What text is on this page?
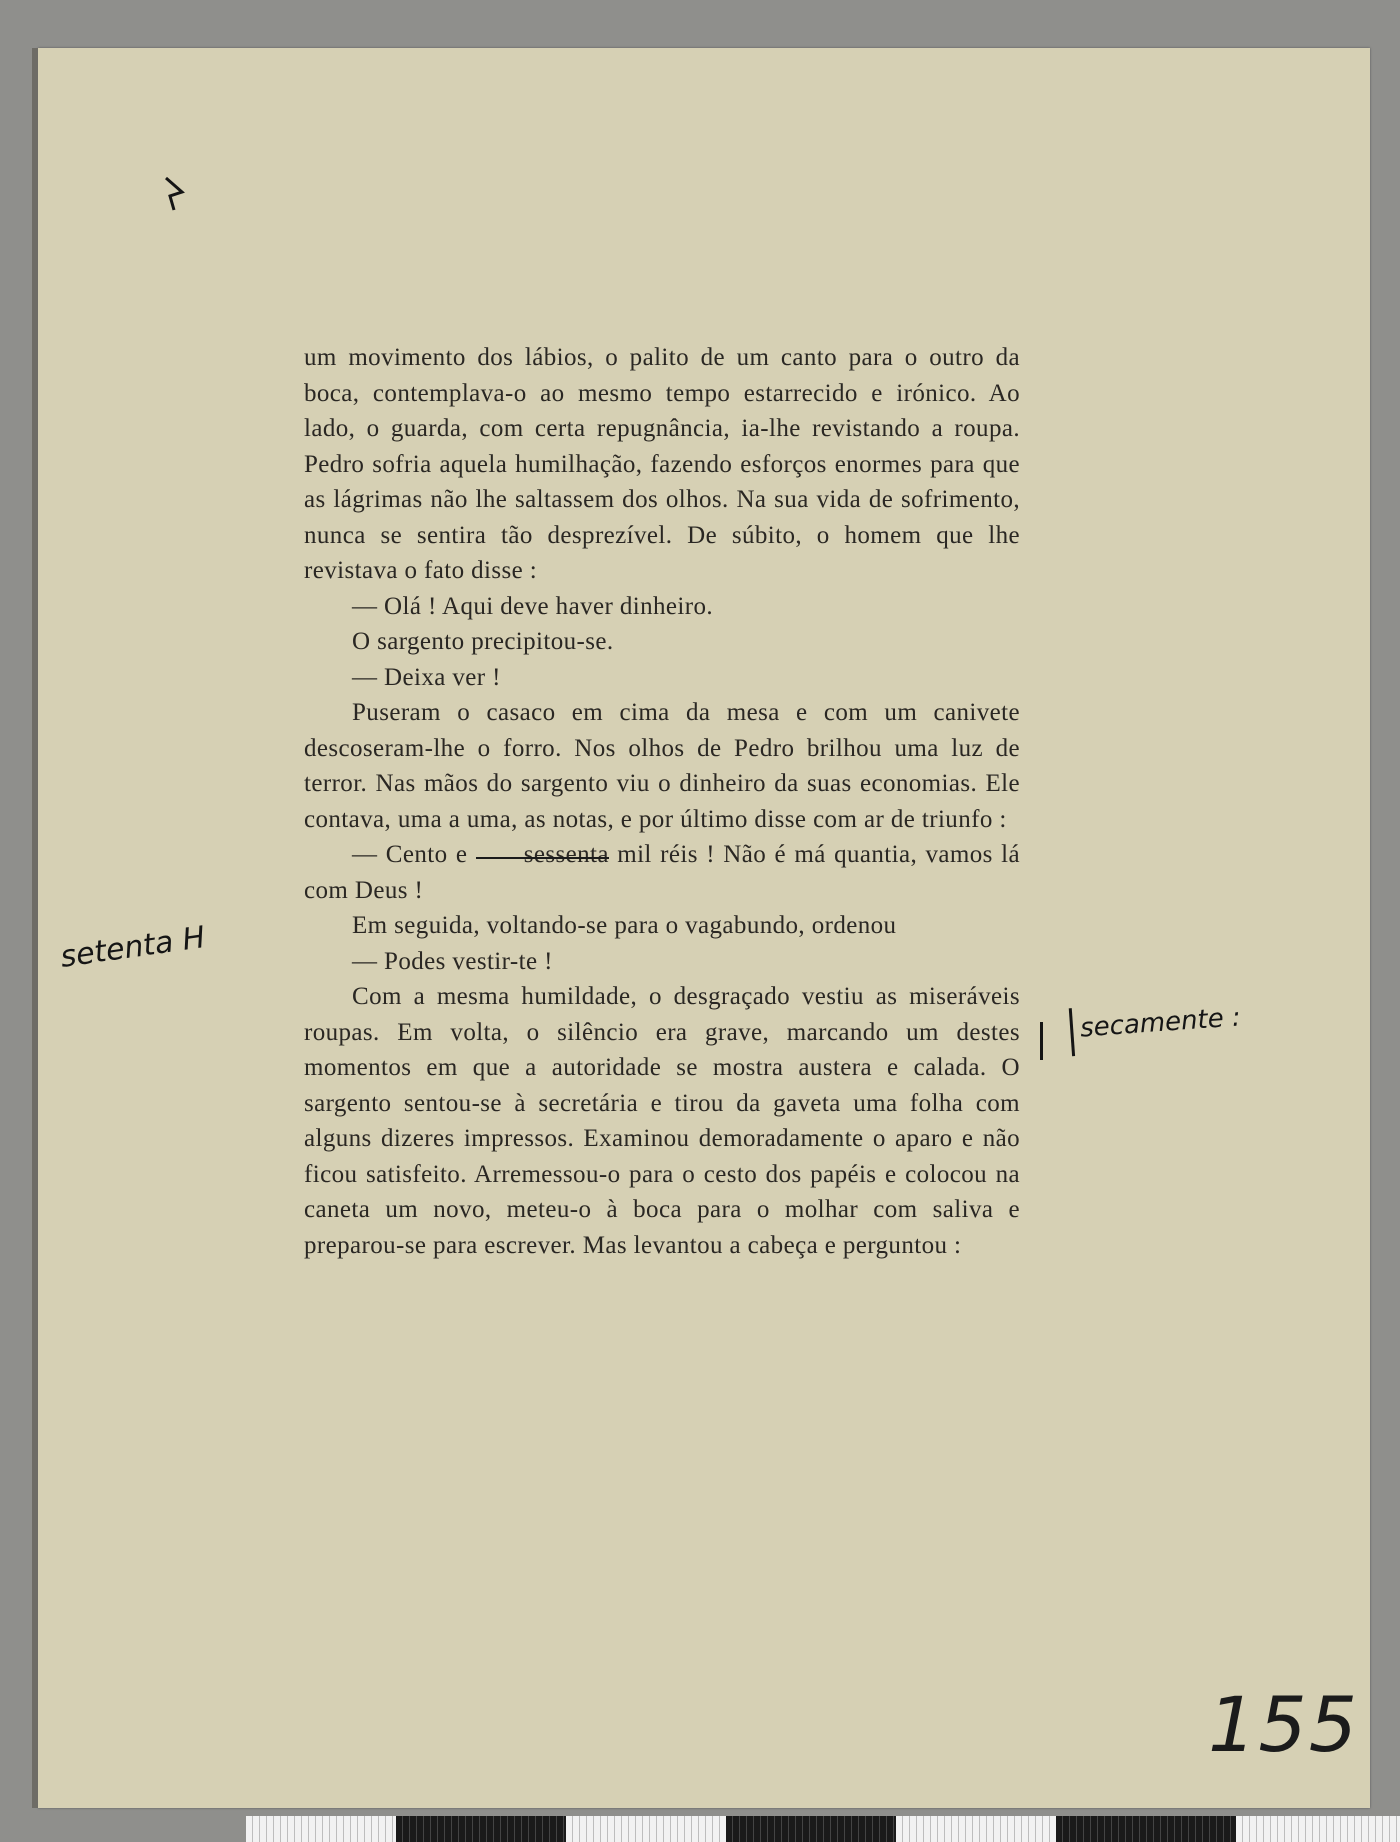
um movimento dos lábios, o palito de um canto para o outro da boca, contemplava-o ao mesmo tempo estarrecido e irónico. Ao lado, o guarda, com certa repugnância, ia-lhe revistando a roupa. Pedro sofria aquela humilhação, fazendo esforços enormes para que as lágrimas não lhe saltassem dos olhos. Na sua vida de sofrimento, nunca se sentira tão desprezível. De súbito, o homem que lhe revistava o fato disse :

— Olá ! Aqui deve haver dinheiro.

O sargento precipitou-se.

— Deixa ver !

Puseram o casaco em cima da mesa e com um canivete descoseram-lhe o forro. Nos olhos de Pedro brilhou uma luz de terror. Nas mãos do sargento viu o dinheiro da suas economias. Ele contava, uma a uma, as notas, e por último disse com ar de triunfo :

— Cento e sessenta mil réis ! Não é má quantia, vamos lá com Deus !

Em seguida, voltando-se para o vagabundo, ordenou

— Podes vestir-te !

Com a mesma humildade, o desgraçado vestiu as miseráveis roupas. Em volta, o silêncio era grave, marcando um destes momentos em que a autoridade se mostra austera e calada. O sargento sentou-se à secretária e tirou da gaveta uma folha com alguns dizeres impressos. Examinou demoradamente o aparo e não ficou satisfeito. Arremessou-o para o cesto dos papéis e colocou na caneta um novo, meteu-o à boca para o molhar com saliva e preparou-se para escrever. Mas levantou a cabeça e perguntou :

setenta H
secamente :
155
